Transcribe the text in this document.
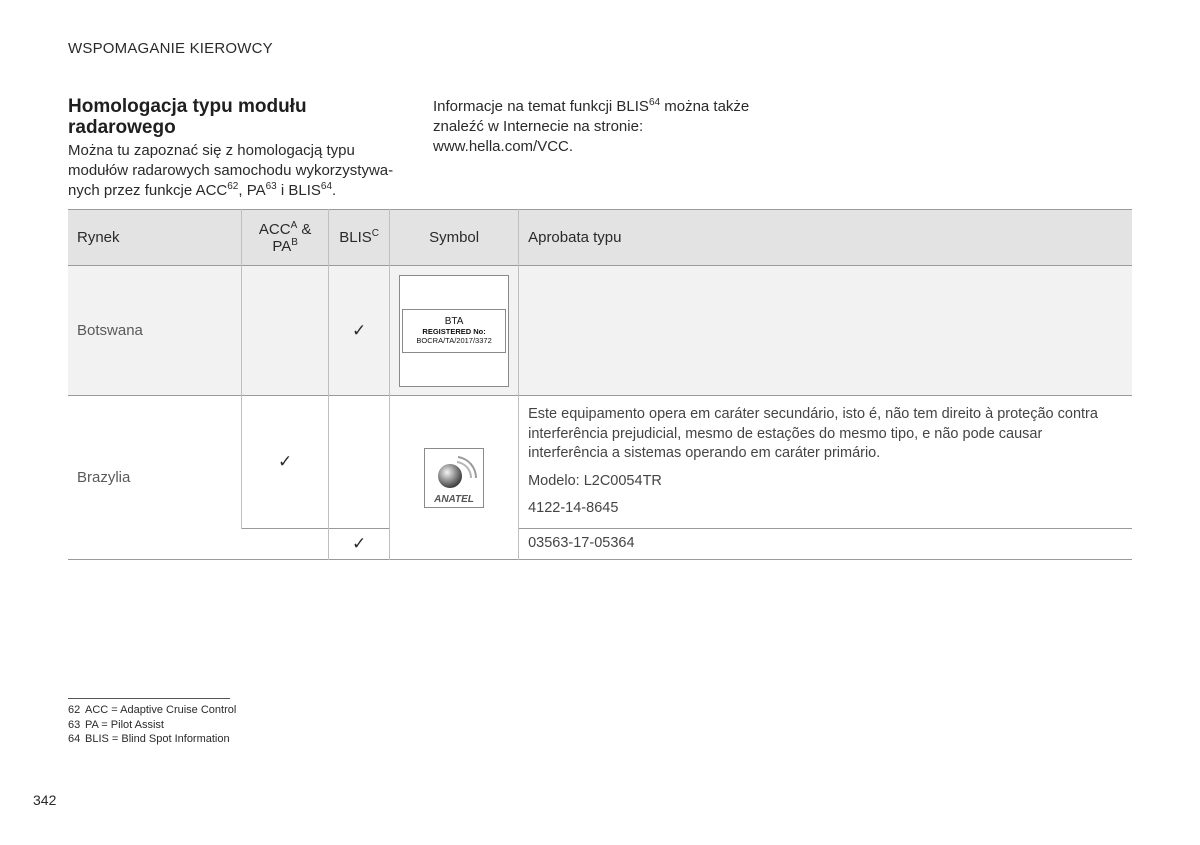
WSPOMAGANIE KIEROWCY
Homologacja typu modułu radarowego
Można tu zapoznać się z homologacją typu modułów radarowych samochodu wykorzystywa-nych przez funkcje ACC$^{62}$, PA$^{63}$ i BLIS$^{64}$.
Informacje na temat funkcji BLIS$^{64}$ można także znaleźć w Internecie na stronie: www.hella.com/VCC.
Rynek	$ACC^A$ & $PA^B$	$BLIS^C$	Symbol	Aprobata typu
Botswana		✓	BTA
REGISTERED No:
BOCRA/TA/2017/3372	

Brazylia	✓		ANATEL	Este equipamento opera em caráter secundário, isto é, não tem direito à proteção contra interferência prejudicial, mesmo de estações do mesmo tipo, e não pode causar interferência a sistemas operando em caráter primário.

Modelo: L2C0054TR

4122-14-8645

		✓		03563-17-05364

62 ACC = Adaptive Cruise Control
63 PA = Pilot Assist
64 BLIS = Blind Spot Information
342
